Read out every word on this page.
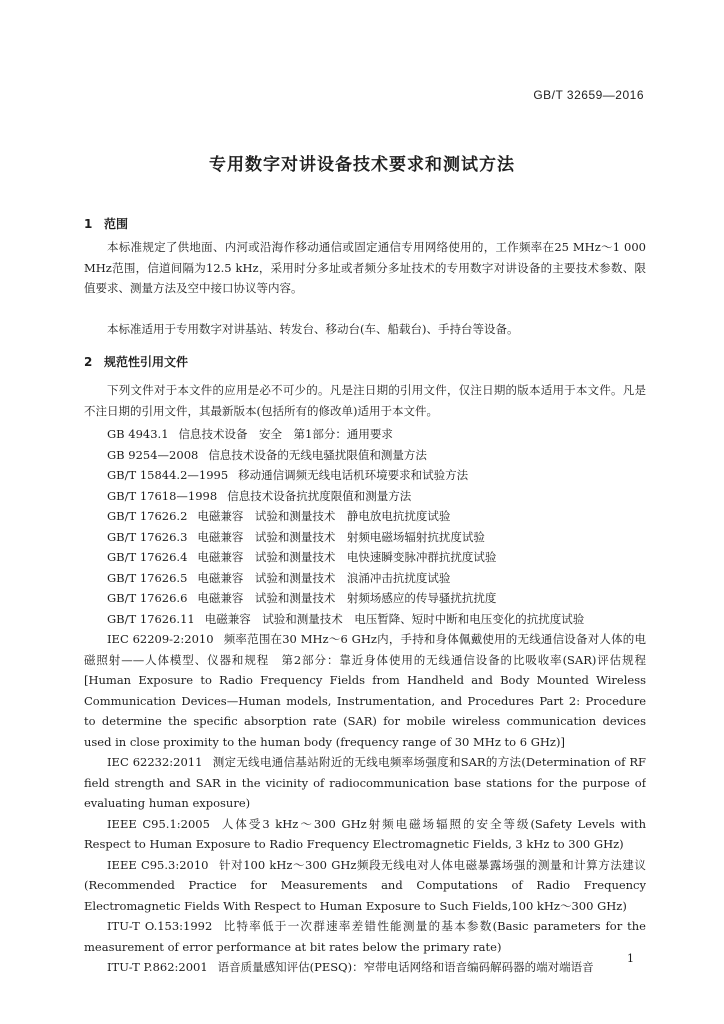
GB/T 32659—2016
专用数字对讲设备技术要求和测试方法
1 范围

本标准规定了供地面、内河或沿海作移动通信或固定通信专用网络使用的，工作频率在25 MHz～1 000 MHz范围，信道间隔为12.5 kHz，采用时分多址或者频分多址技术的专用数字对讲设备的主要技术参数、限值要求、测量方法及空中接口协议等内容。

本标准适用于专用数字对讲基站、转发台、移动台(车、船载台)、手持台等设备。

2 规范性引用文件

下列文件对于本文件的应用是必不可少的。凡是注日期的引用文件，仅注日期的版本适用于本文件。凡是不注日期的引用文件，其最新版本(包括所有的修改单)适用于本文件。

GB 4943.1 信息技术设备　安全　第1部分：通用要求
GB 9254—2008 信息技术设备的无线电骚扰限值和测量方法
GB/T 15844.2—1995 移动通信调频无线电话机环境要求和试验方法
GB/T 17618—1998 信息技术设备抗扰度限值和测量方法
GB/T 17626.2 电磁兼容　试验和测量技术　静电放电抗扰度试验
GB/T 17626.3 电磁兼容　试验和测量技术　射频电磁场辐射抗扰度试验
GB/T 17626.4 电磁兼容　试验和测量技术　电快速瞬变脉冲群抗扰度试验
GB/T 17626.5 电磁兼容　试验和测量技术　浪涌冲击抗扰度试验
GB/T 17626.6 电磁兼容　试验和测量技术　射频场感应的传导骚扰抗扰度
GB/T 17626.11 电磁兼容　试验和测量技术　电压暂降、短时中断和电压变化的抗扰度试验
IEC 62209-2:2010 频率范围在30 MHz～6 GHz内，手持和身体佩戴使用的无线通信设备对人体的电磁照射——人体模型、仪器和规程　第2部分：靠近身体使用的无线通信设备的比吸收率(SAR)评估规程[Human Exposure to Radio Frequency Fields from Handheld and Body Mounted Wireless Communication Devices—Human models, Instrumentation, and Procedures Part 2: Procedure to determine the specific absorption rate (SAR) for mobile wireless communication devices used in close proximity to the human body (frequency range of 30 MHz to 6 GHz)]
IEC 62232:2011 测定无线电通信基站附近的无线电频率场强度和SAR的方法(Determination of RF field strength and SAR in the vicinity of radiocommunication base stations for the purpose of evaluating human exposure)
IEEE C95.1:2005 人体受3 kHz～300 GHz射频电磁场辐照的安全等级(Safety Levels with Respect to Human Exposure to Radio Frequency Electromagnetic Fields, 3 kHz to 300 GHz)
IEEE C95.3:2010 针对100 kHz～300 GHz频段无线电对人体电磁暴露场强的测量和计算方法建议(Recommended Practice for Measurements and Computations of Radio Frequency Electromagnetic Fields With Respect to Human Exposure to Such Fields,100 kHz～300 GHz)
ITU-T O.153:1992 比特率低于一次群速率差错性能测量的基本参数(Basic parameters for the measurement of error performance at bit rates below the primary rate)
ITU-T P.862:2001 语音质量感知评估(PESQ)：窄带电话网络和语音编码解码器的端对端语音
1
